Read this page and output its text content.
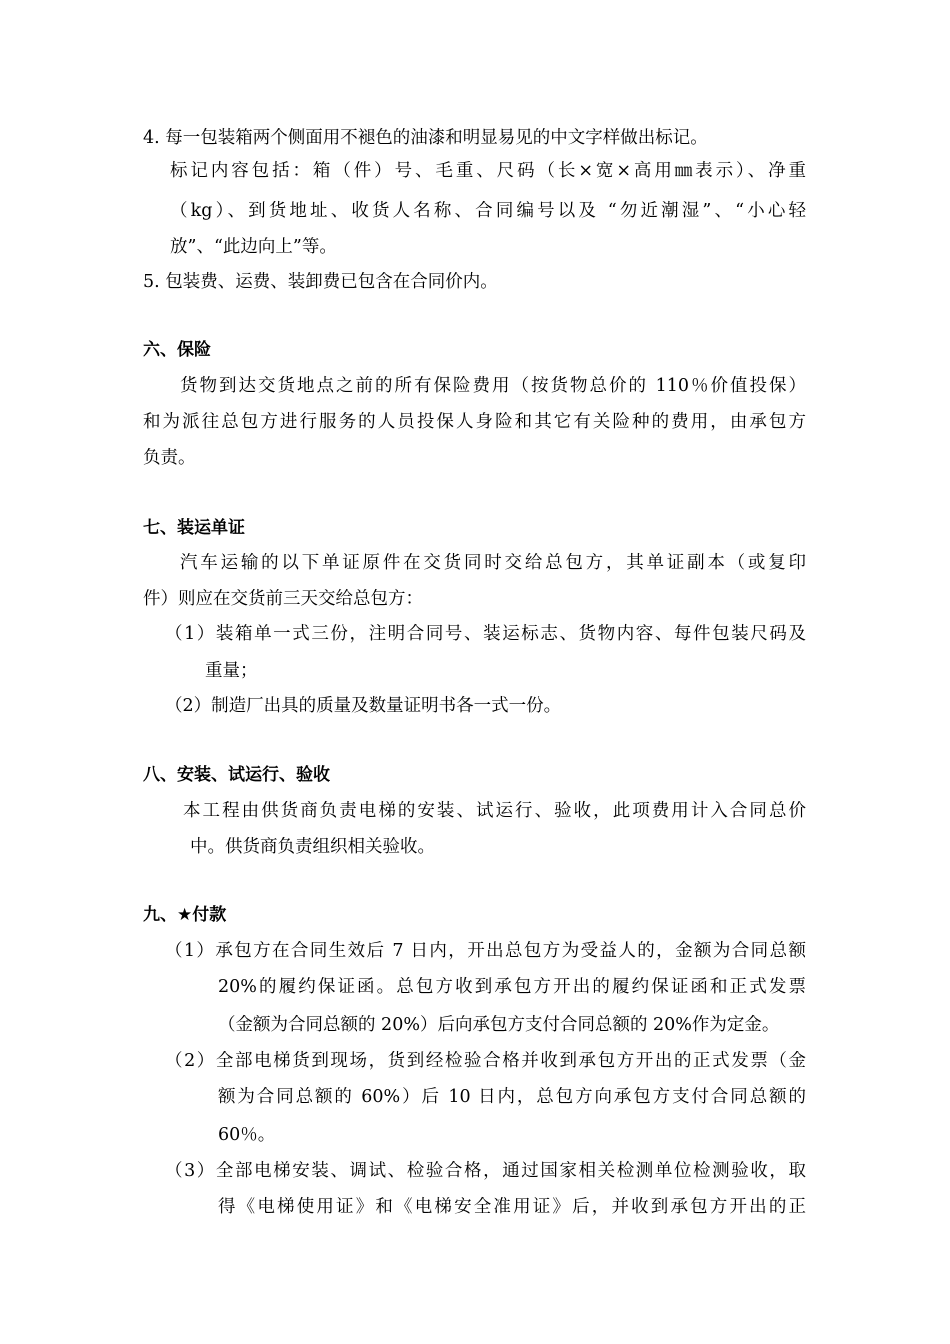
4. 每一包装箱两个侧面用不褪色的油漆和明显易见的中文字样做出标记。
标记内容包括：箱（件）号、毛重、尺码（长×宽×高用㎜表示）、净重
（kg）、到货地址、收货人名称、合同编号以及 “勿近潮湿”、“小心轻
放”、“此边向上”等。
5. 包装费、运费、装卸费已包含在合同价内。
六、保险
货物到达交货地点之前的所有保险费用（按货物总价的 110％价值投保）
和为派往总包方进行服务的人员投保人身险和其它有关险种的费用，由承包方
负责。
七、装运单证
汽车运输的以下单证原件在交货同时交给总包方，其单证副本（或复印
件）则应在交货前三天交给总包方：
（1）装箱单一式三份，注明合同号、装运标志、货物内容、每件包装尺码及
重量；
（2）制造厂出具的质量及数量证明书各一式一份。
八、安装、试运行、验收
本工程由供货商负责电梯的安装、试运行、验收，此项费用计入合同总价
中。供货商负责组织相关验收。
九、★付款
（1）承包方在合同生效后 7 日内，开出总包方为受益人的，金额为合同总额
20%的履约保证函。总包方收到承包方开出的履约保证函和正式发票
（金额为合同总额的 20%）后向承包方支付合同总额的 20%作为定金。
（2）全部电梯货到现场，货到经检验合格并收到承包方开出的正式发票（金
额为合同总额的 60%）后 10 日内，总包方向承包方支付合同总额的
60％。
（3）全部电梯安装、调试、检验合格，通过国家相关检测单位检测验收，取
得《电梯使用证》和《电梯安全准用证》后，并收到承包方开出的正
